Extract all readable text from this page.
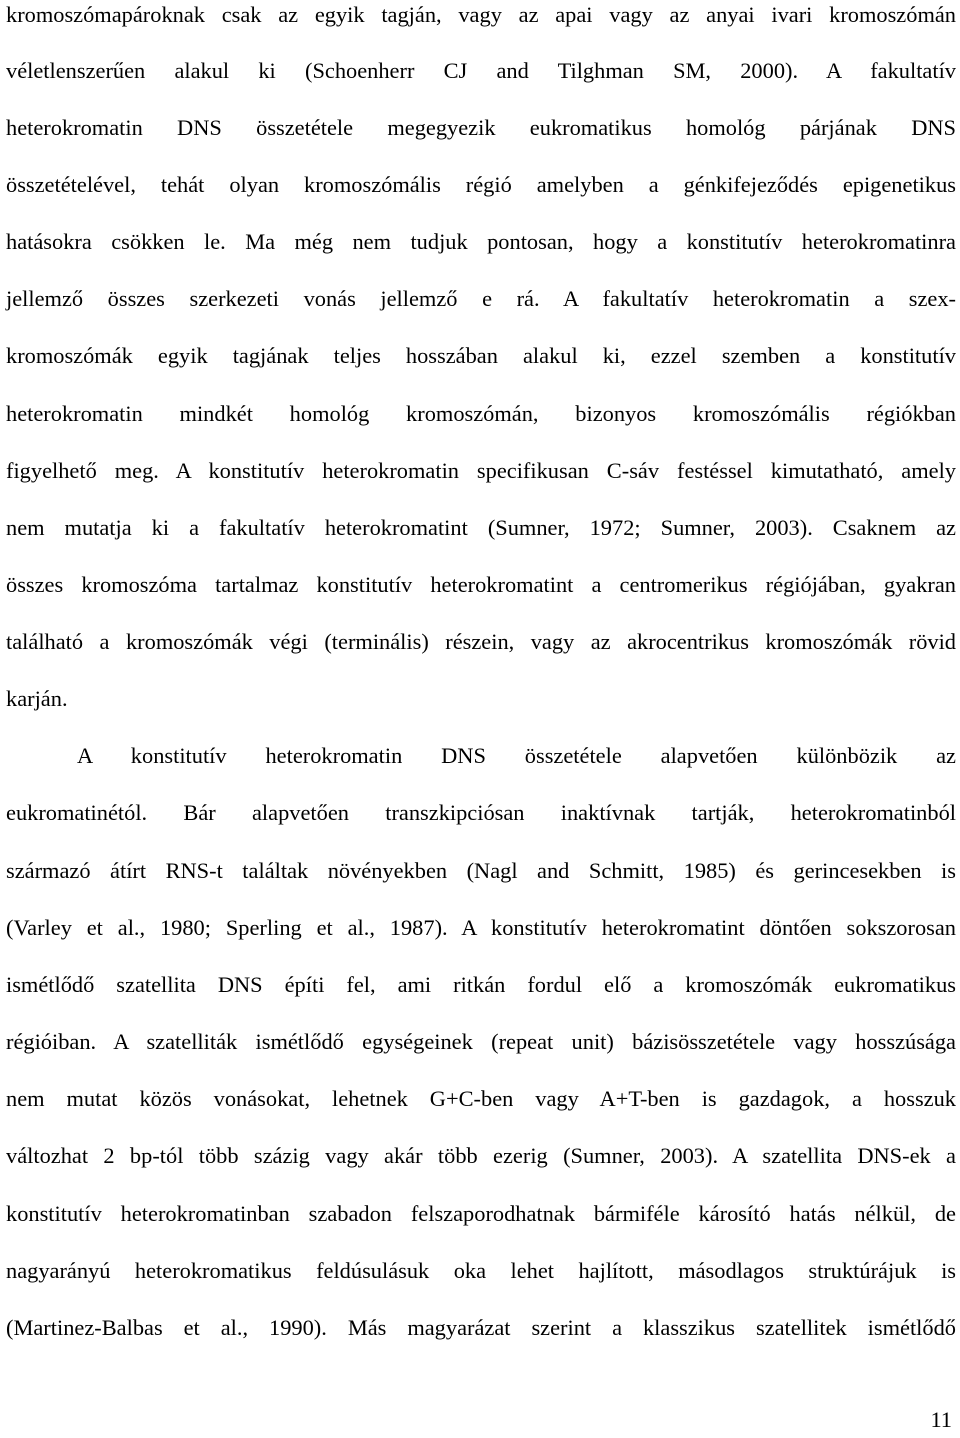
kromoszómapároknak csak az egyik tagján, vagy az apai vagy az anyai ivari kromoszómán
véletlenszerűen alakul ki (Schoenherr CJ and Tilghman SM, 2000). A fakultatív
heterokromatin DNS összetétele megegyezik eukromatikus homológ párjának DNS
összetételével, tehát olyan kromoszómális régió amelyben a génkifejeződés epigenetikus
hatásokra csökken le. Ma még nem tudjuk pontosan, hogy a konstitutív heterokromatinra
jellemző összes szerkezeti vonás jellemző e rá. A fakultatív heterokromatin a szex-
kromoszómák egyik tagjának teljes hosszában alakul ki, ezzel szemben a konstitutív
heterokromatin mindkét homológ kromoszómán, bizonyos kromoszómális régiókban
figyelhető meg. A konstitutív heterokromatin specifikusan C-sáv festéssel kimutatható, amely
nem mutatja ki a fakultatív heterokromatint (Sumner, 1972; Sumner, 2003). Csaknem az
összes kromoszóma tartalmaz konstitutív heterokromatint a centromerikus régiójában, gyakran
található a kromoszómák végi (terminális) részein, vagy az akrocentrikus kromoszómák rövid
karján.
A konstitutív heterokromatin DNS összetétele alapvetően különbözik az
eukromatinétól. Bár alapvetően transzkipciósan inaktívnak tartják, heterokromatinból
származó átírt RNS-t találtak növényekben (Nagl and Schmitt, 1985) és gerincesekben is
(Varley et al., 1980; Sperling et al., 1987). A konstitutív heterokromatint döntően sokszorosan
ismétlődő szatellita DNS építi fel, ami ritkán fordul elő a kromoszómák eukromatikus
régióiban. A szatelliták ismétlődő egységeinek (repeat unit) bázisösszetétele vagy hosszúsága
nem mutat közös vonásokat, lehetnek G+C-ben vagy A+T-ben is gazdagok, a hosszuk
változhat 2 bp-tól több százig vagy akár több ezerig (Sumner, 2003). A szatellita DNS-ek a
konstitutív heterokromatinban szabadon felszaporodhatnak bármiféle károsító hatás nélkül, de
nagyarányú heterokromatikus feldúsulásuk oka lehet hajlított, másodlagos struktúrájuk is
(Martinez-Balbas et al., 1990). Más magyarázat szerint a klasszikus szatellitek ismétlődő
11
